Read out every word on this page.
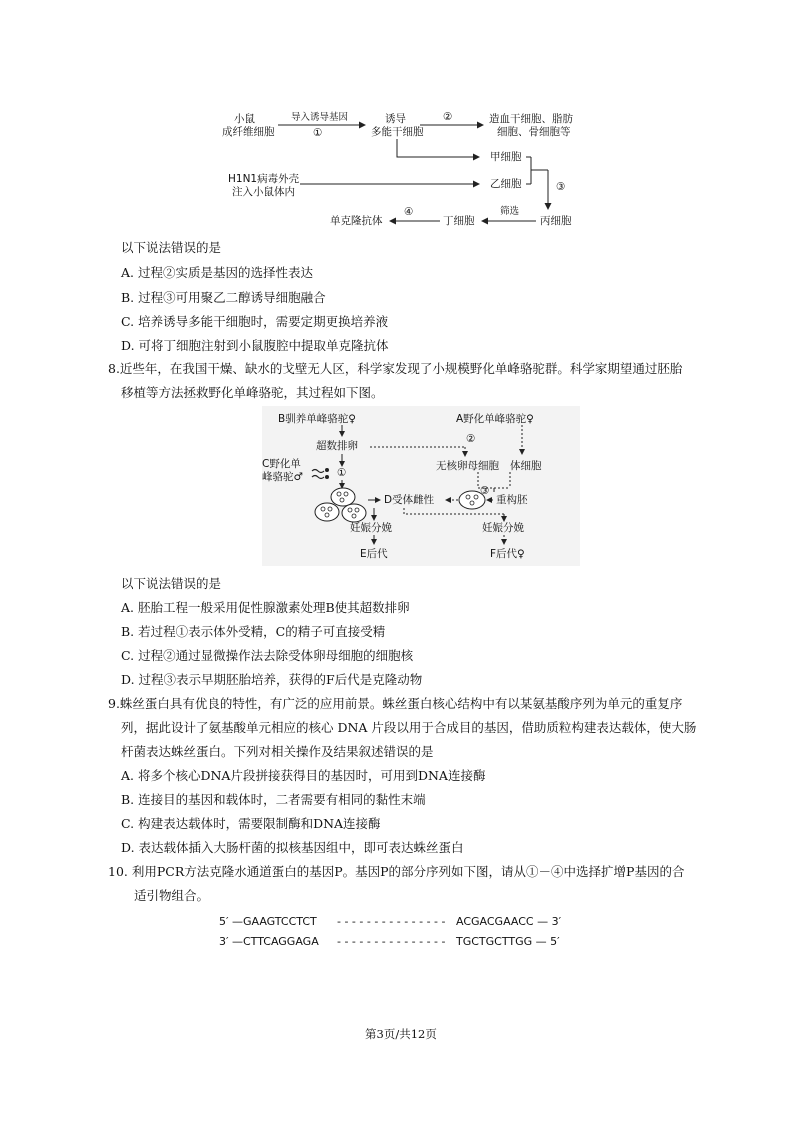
小鼠
成纤维细胞
导入诱导基因
①
诱导
多能干细胞
②	造血干细胞、脂肪
细胞、骨细胞等
甲细胞
H1N1病毒外壳
注入小鼠体内
乙细胞	③
筛选
丙细胞
丁细胞
④
单克隆抗体
以下说法错误的是
A. 过程②实质是基因的选择性表达
B. 过程③可用聚乙二醇诱导细胞融合
C. 培养诱导多能干细胞时，需要定期更换培养液
D. 可将丁细胞注射到小鼠腹腔中提取单克隆抗体
8.近些年，在我国干燥、缺水的戈壁无人区，科学家发现了小规模野化单峰骆驼群。科学家期望通过胚胎
移植等方法拯救野化单峰骆驼，其过程如下图。
B驯养单峰骆驼♀	A野化单峰骆驼♀
超数排卵
②
C野化单
峰骆驼♂	①
无核卵母细胞 体细胞
③
重构胚
D受体雌性
妊娠分娩	妊娠分娩
E后代	F后代♀
以下说法错误的是
A. 胚胎工程一般采用促性腺激素处理B使其超数排卵
B. 若过程①表示体外受精，C的精子可直接受精
C. 过程②通过显微操作法去除受体卵母细胞的细胞核
D. 过程③表示早期胚胎培养，获得的F后代是克隆动物
9.蛛丝蛋白具有优良的特性，有广泛的应用前景。蛛丝蛋白核心结构中有以某氨基酸序列为单元的重复序
列，据此设计了氨基酸单元相应的核心 DNA 片段以用于合成目的基因，借助质粒构建表达载体，使大肠
杆菌表达蛛丝蛋白。下列对相关操作及结果叙述错误的是
A. 将多个核心DNA片段拼接获得目的基因时，可用到DNA连接酶
B. 连接目的基因和载体时，二者需要有相同的黏性末端
C. 构建表达载体时，需要限制酶和DNA连接酶
D. 表达载体插入大肠杆菌的拟核基因组中，即可表达蛛丝蛋白
10. 利用PCR方法克隆水通道蛋白的基因P。基因P的部分序列如下图，请从①－④中选择扩增P基因的合
适引物组合。
5′ —GAAGTCCTCT - - - - - - - - - - - - - - - ACGACGAACC — 3′
3′ —CTTCAGGAGA - - - - - - - - - - - - - - - TGCTGCTTGG — 5′
第3页/共12页
